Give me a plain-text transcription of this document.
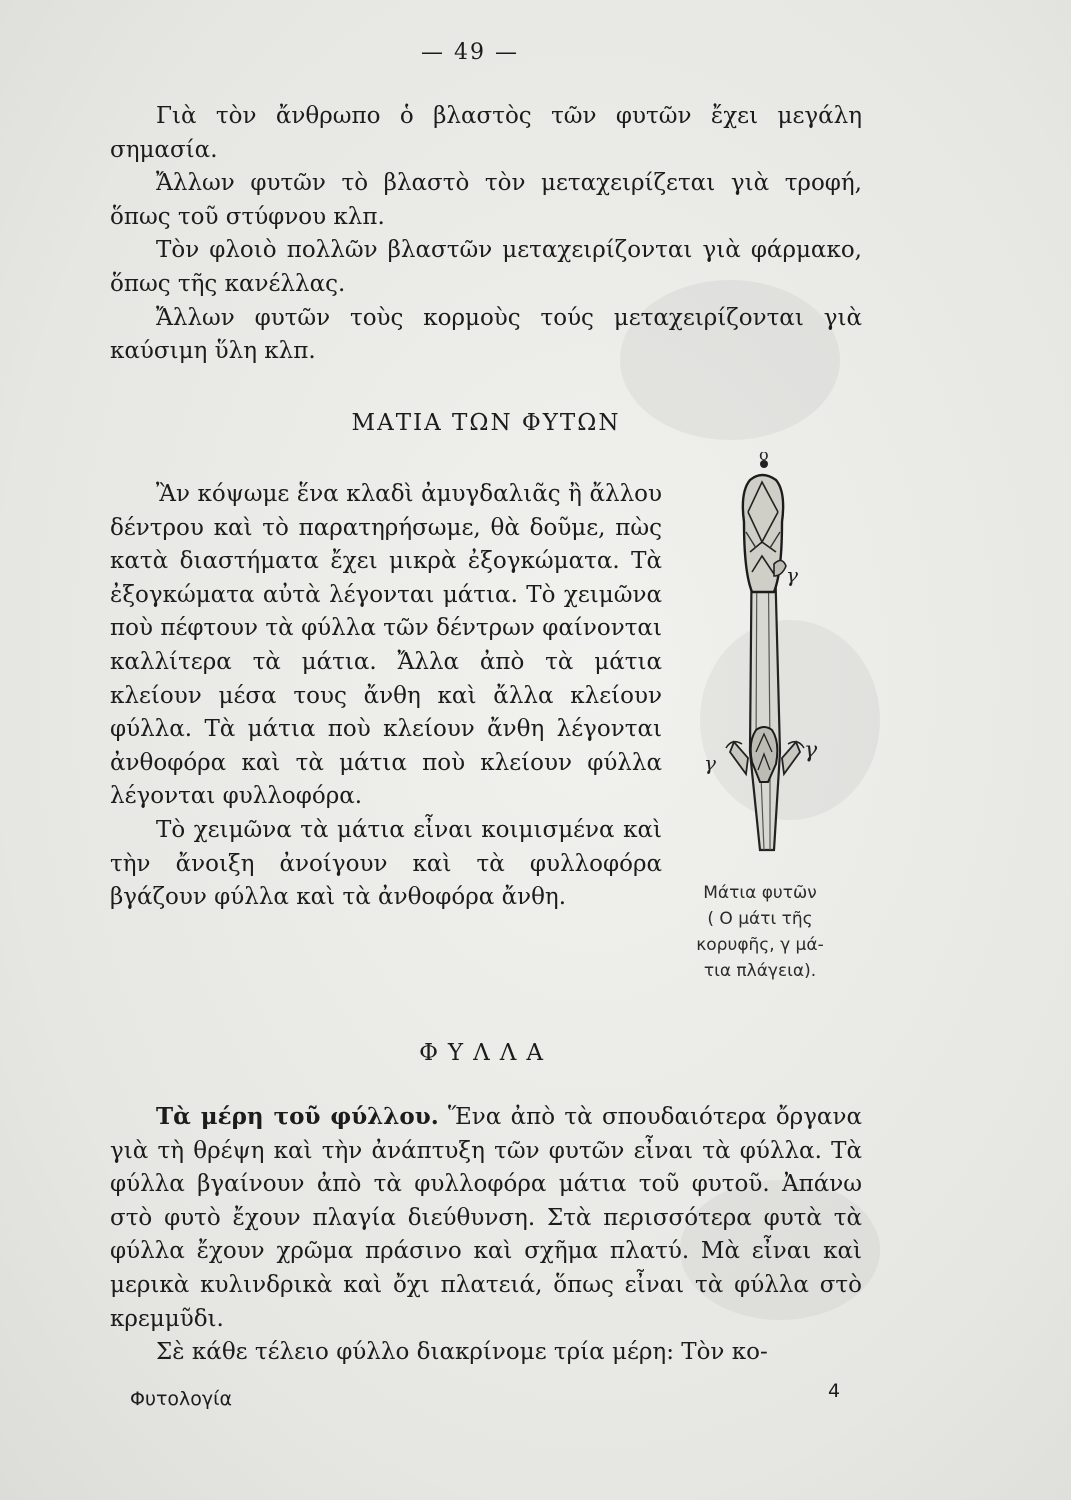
— 49 —

Γιὰ τὸν ἄνθρωπο ὁ βλαστὸς τῶν φυτῶν ἔχει μεγάλη σημασία.

Ἄλλων φυτῶν τὸ βλαστὸ τὸν μεταχειρίζεται γιὰ τροφή, ὅπως τοῦ στύφνου κλπ.

Τὸν φλοιὸ πολλῶν βλαστῶν μεταχειρίζονται γιὰ φάρμακο, ὅπως τῆς κανέλλας.

Ἄλλων φυτῶν τοὺς κορμοὺς τούς μεταχειρίζονται γιὰ καύσιμη ὕλη κλπ.

ΜΑΤΙΑ ΤΩΝ ΦΥΤΩΝ

Ἂν κόψωμε ἕνα κλαδὶ ἀμυγδαλιᾶς ἢ ἄλλου δέντρου καὶ τὸ παρατηρήσωμε, θὰ δοῦμε, πὼς κατὰ διαστήματα ἔχει μικρὰ ἐξογκώματα. Τὰ ἐξογκώματα αὐτὰ λέγονται μάτια. Τὸ χειμῶνα ποὺ πέφτουν τὰ φύλλα τῶν δέντρων φαίνονται καλλίτερα τὰ μάτια. Ἄλλα ἀπὸ τὰ μάτια κλείουν μέσα τους ἄνθη καὶ ἄλλα κλείουν φύλλα. Τὰ μάτια ποὺ κλείουν ἄνθη λέγονται ἀνθοφόρα καὶ τὰ μάτια ποὺ κλείουν φύλλα λέγονται φυλλοφόρα.

Τὸ χειμῶνα τὰ μάτια εἶναι κοιμισμένα καὶ τὴν ἄνοιξη ἀνοίγουν καὶ τὰ φυλλοφόρα βγάζουν φύλλα καὶ τὰ ἀνθοφόρα ἄνθη.

ο
γ
γ	γ
Μάτια φυτῶν
( Ο μάτι τῆς
κορυφῆς, γ μά-
τια πλάγεια).
ΦΥΛΛΑ

Τὰ μέρη τοῦ φύλλου. Ἕνα ἀπὸ τὰ σπουδαιότερα ὄργανα γιὰ τὴ θρέψη καὶ τὴν ἀνάπτυξη τῶν φυτῶν εἶναι τὰ φύλλα. Τὰ φύλλα βγαίνουν ἀπὸ τὰ φυλλοφόρα μάτια τοῦ φυτοῦ. Ἀπάνω στὸ φυτὸ ἔχουν πλαγία διεύθυνση. Στὰ περισσότερα φυτὰ τὰ φύλλα ἔχουν χρῶμα πράσινο καὶ σχῆμα πλατύ. Μὰ εἶναι καὶ μερικὰ κυλινδρικὰ καὶ ὄχι πλατειά, ὅπως εἶναι τὰ φύλλα στὸ κρεμμῦδι.

Σὲ κάθε τέλειο φύλλο διακρίνομε τρία μέρη: Τὸν κο-

Φυτολογία	4
